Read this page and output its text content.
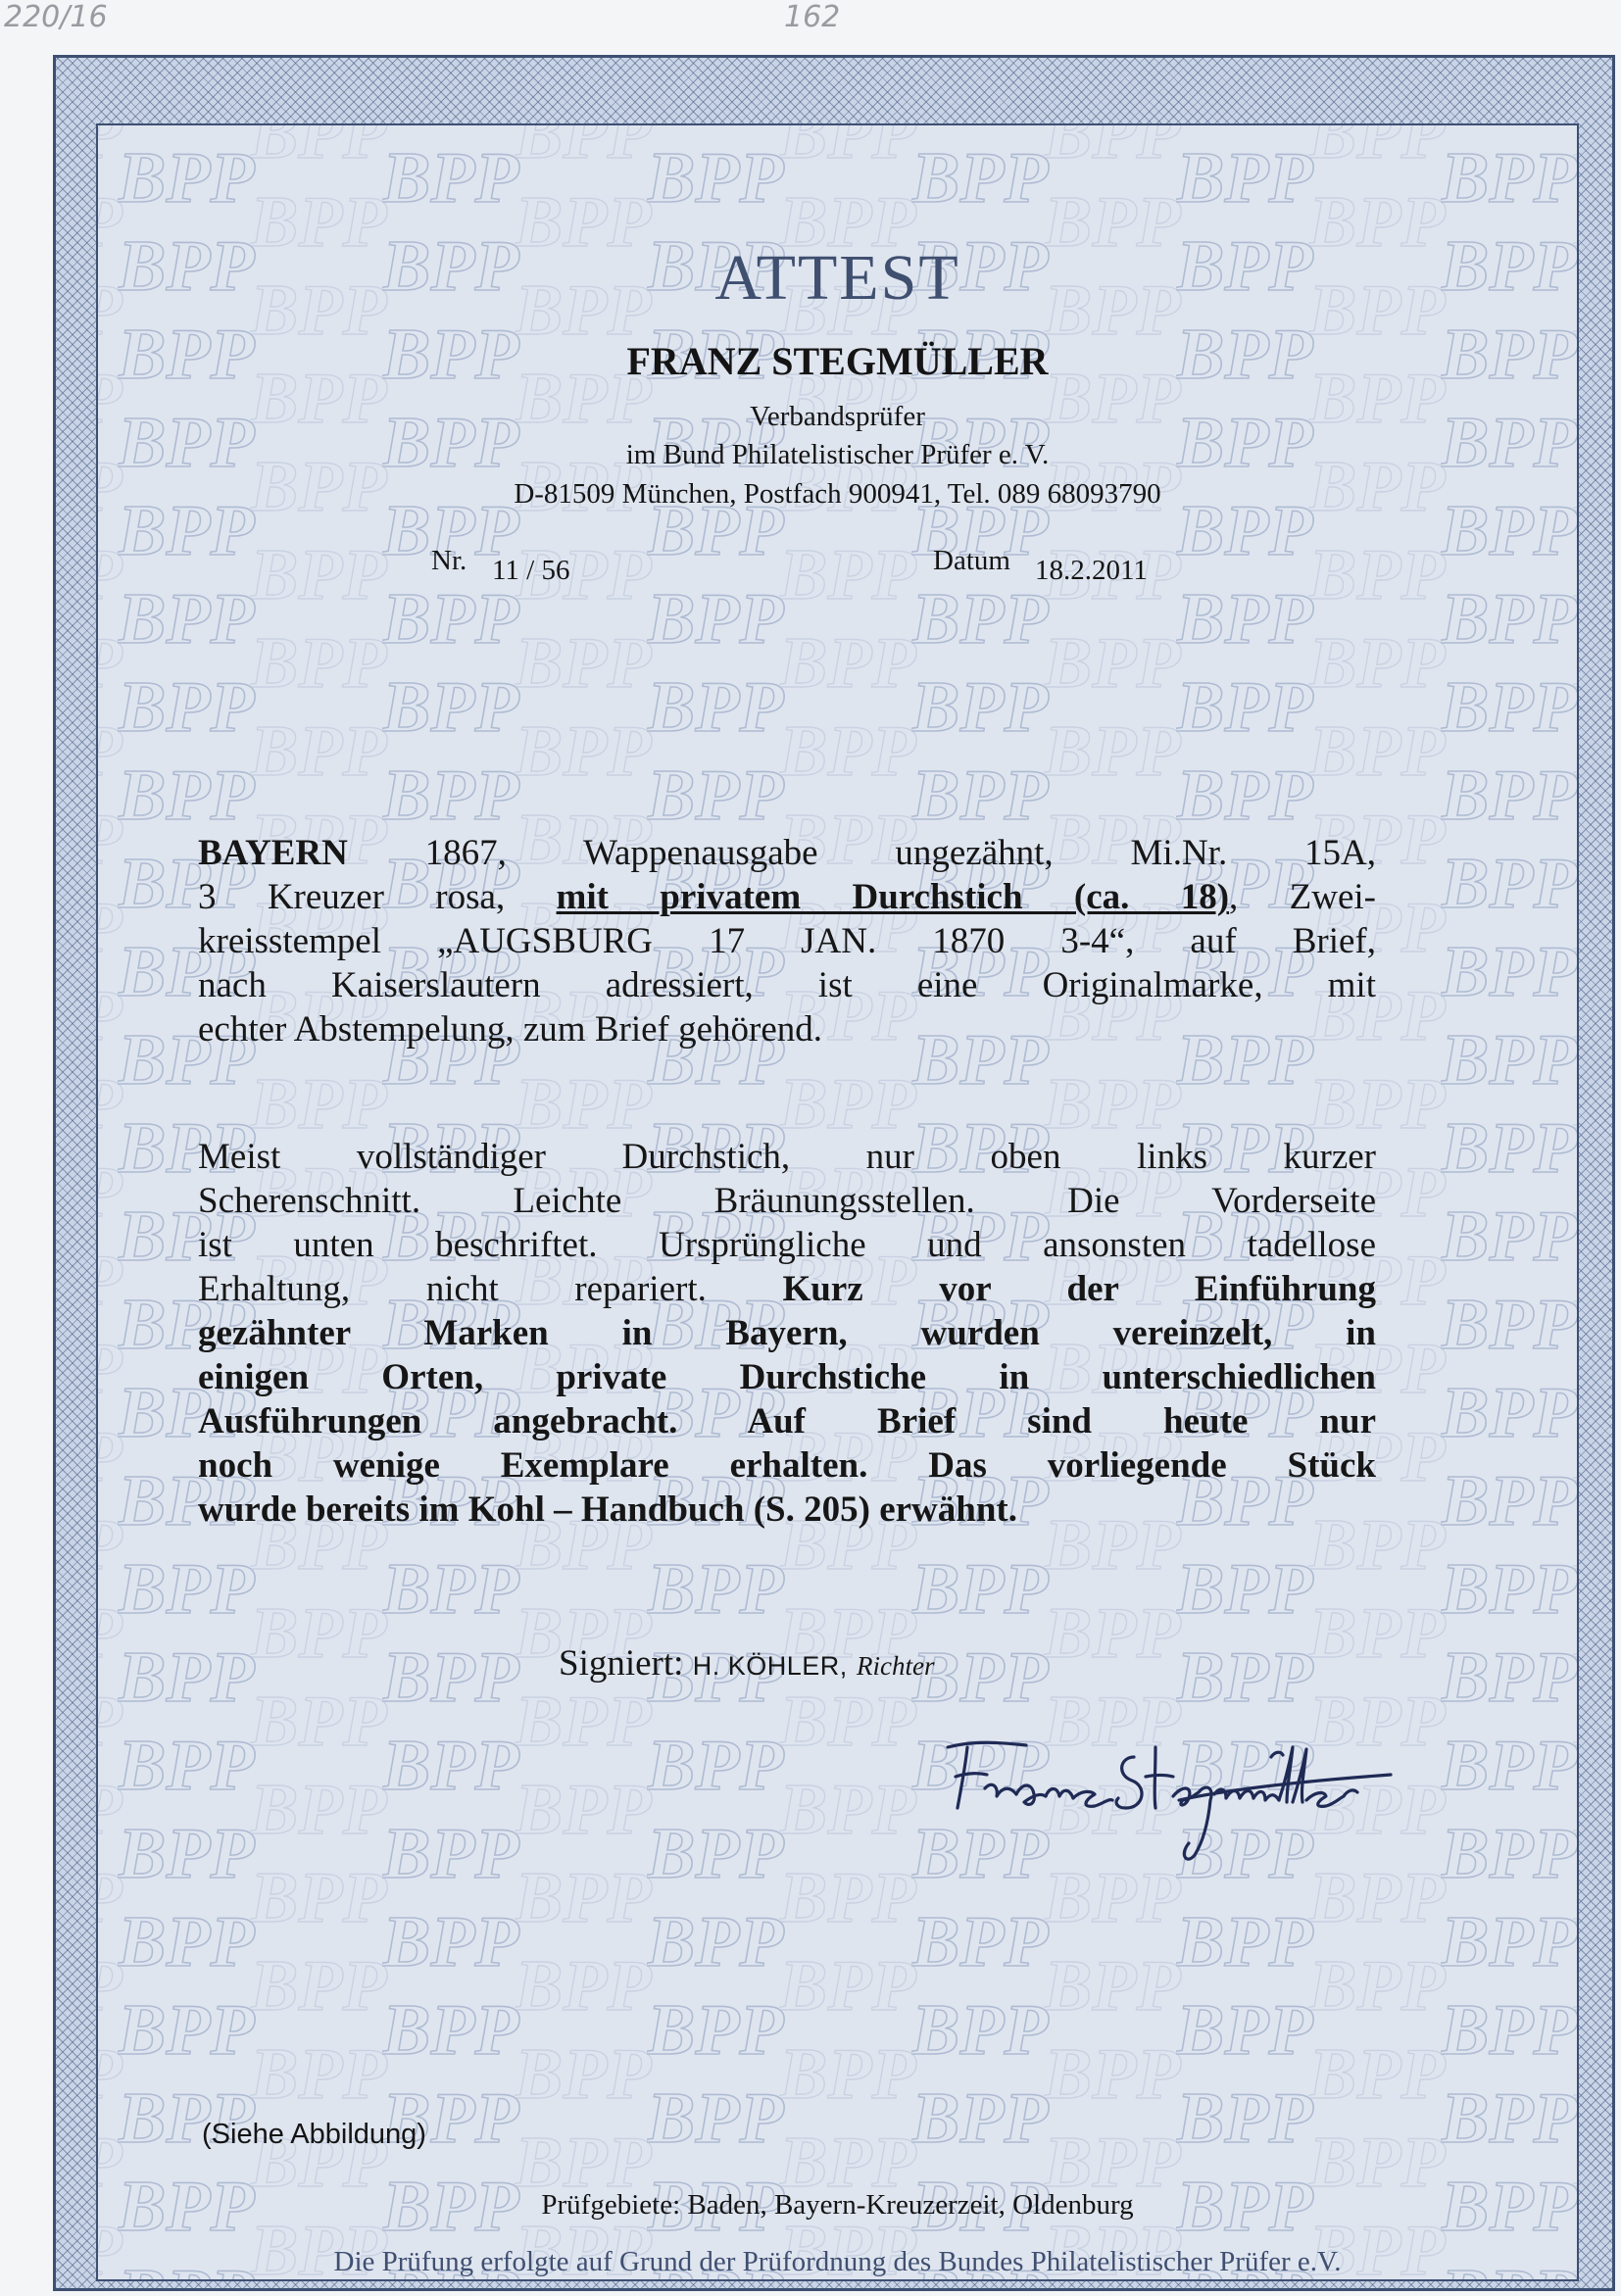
220/16	162
ATTEST
FRANZ STEGMÜLLER
Verbandsprüfer
im Bund Philatelistischer Prüfer e. V.
D-81509 München, Postfach 900941, Tel. 089 68093790
Nr. 11 / 56	Datum 18.2.2011
BAYERN 1867, Wappenausgabe ungezähnt, Mi.Nr. 15A,
3 Kreuzer rosa, mit privatem Durchstich (ca. 18), Zwei-
kreisstempel „AUGSBURG 17 JAN. 1870 3-4“, auf Brief,
nach Kaiserslautern adressiert, ist eine Originalmarke, mit
echter Abstempelung, zum Brief gehörend.
Meist vollständiger Durchstich, nur oben links kurzer
Scherenschnitt. Leichte Bräunungsstellen. Die Vorderseite
ist unten beschriftet. Ursprüngliche und ansonsten tadellose
Erhaltung, nicht repariert. Kurz vor der Einführung
gezähnter Marken in Bayern, wurden vereinzelt, in
einigen Orten, private Durchstiche in unterschiedlichen
Ausführungen angebracht. Auf Brief sind heute nur
noch wenige Exemplare erhalten. Das vorliegende Stück
wurde bereits im Kohl – Handbuch (S. 205) erwähnt.
Signiert: H. KÖHLER, Richter
(Siehe Abbildung)
Prüfgebiete: Baden, Bayern-Kreuzerzeit, Oldenburg
Die Prüfung erfolgte auf Grund der Prüfordnung des Bundes Philatelistischer Prüfer e.V.
